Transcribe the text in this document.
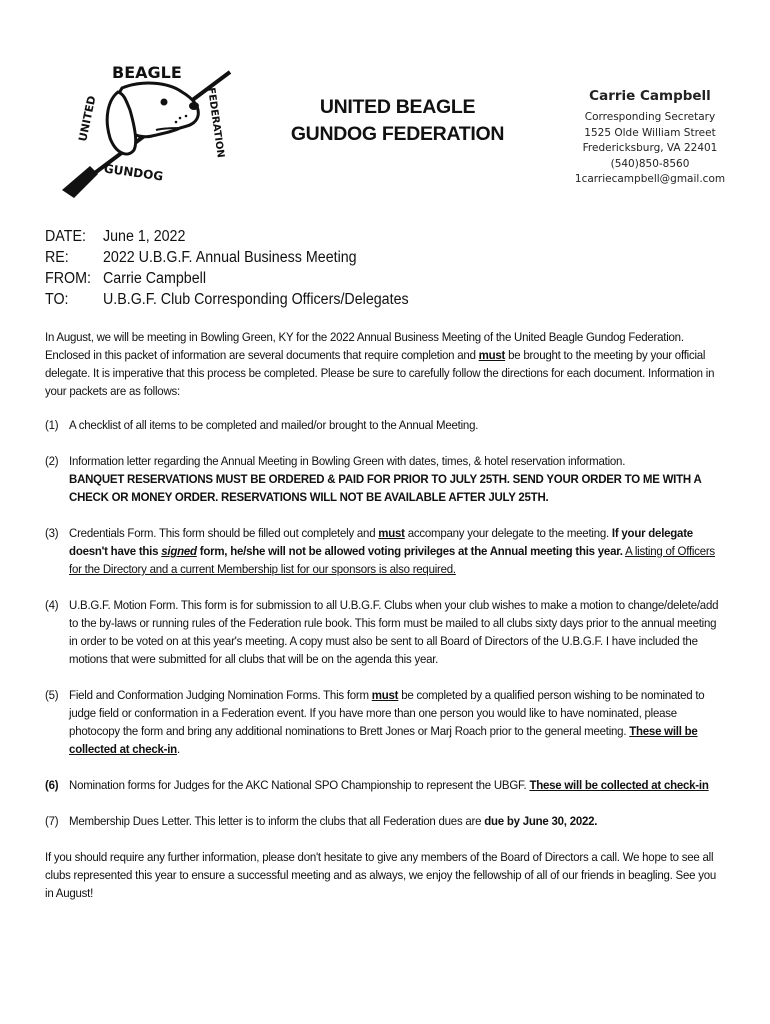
BEAGLE
UNITED	FEDERATION
GUNDOG
UNITED BEAGLE
GUNDOG FEDERATION
Carrie Campbell
Corresponding Secretary
1525 Olde William Street
Fredericksburg, VA 22401
(540)850-8560
1carriecampbell@gmail.com
DATE:	June 1, 2022
RE:	2022 U.B.G.F. Annual Business Meeting
FROM: Carrie Campbell
TO:	U.B.G.F. Club Corresponding Officers/Delegates

In August, we will be meeting in Bowling Green, KY for the 2022 Annual Business Meeting of the United Beagle Gundog Federation. Enclosed in this packet of information are several documents that require completion and must be brought to the meeting by your official delegate. It is imperative that this process be completed. Please be sure to carefully follow the directions for each document. Information in your packets are as follows:

(1) A checklist of all items to be completed and mailed/or brought to the Annual Meeting.
(2) Information letter regarding the Annual Meeting in Bowling Green with dates, times, & hotel reservation information.
BANQUET RESERVATIONS MUST BE ORDERED & PAID FOR PRIOR TO JULY 25TH. SEND YOUR ORDER TO ME WITH A CHECK OR MONEY ORDER. RESERVATIONS WILL NOT BE AVAILABLE AFTER JULY 25TH.
(3) Credentials Form. This form should be filled out completely and must accompany your delegate to the meeting. If your delegate doesn't have this signed form, he/she will not be allowed voting privileges at the Annual meeting this year. A listing of Officers for the Directory and a current Membership list for our sponsors is also required.
(4) U.B.G.F. Motion Form. This form is for submission to all U.B.G.F. Clubs when your club wishes to make a motion to change/delete/add to the by-laws or running rules of the Federation rule book. This form must be mailed to all clubs sixty days prior to the annual meeting in order to be voted on at this year's meeting. A copy must also be sent to all Board of Directors of the U.B.G.F. I have included the motions that were submitted for all clubs that will be on the agenda this year.
(5) Field and Conformation Judging Nomination Forms. This form must be completed by a qualified person wishing to be nominated to judge field or conformation in a Federation event. If you have more than one person you would like to have nominated, please photocopy the form and bring any additional nominations to Brett Jones or Marj Roach prior to the general meeting. These will be collected at check-in.
(6) Nomination forms for Judges for the AKC National SPO Championship to represent the UBGF. These will be collected at check-in
(7) Membership Dues Letter. This letter is to inform the clubs that all Federation dues are due by June 30, 2022.

If you should require any further information, please don't hesitate to give any members of the Board of Directors a call. We hope to see all clubs represented this year to ensure a successful meeting and as always, we enjoy the fellowship of all of our friends in beagling. See you in August!
